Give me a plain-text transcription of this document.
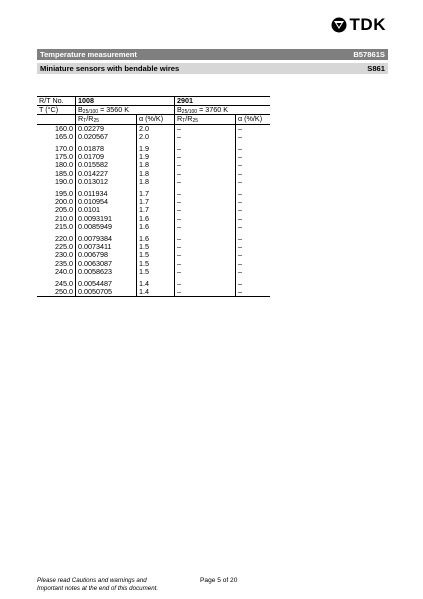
TDK
Temperature measurement	B57861S
Miniature sensors with bendable wires	S861
R/T No.	1008		2901	
T (°C)	$B_{25/100} = 3560$ K		$B_{25/100} = 3760$ K	
	$R_T/R_{25}$	α (%/K)	$R_T/R_{25}$	α (%/K)
160.0	0.02279	2.0	–	–
165.0	0.020567	2.0	–	–

170.0	0.01878	1.9	–	–
175.0	0.01709	1.9	–	–
180.0	0.015582	1.8	–	–
185.0	0.014227	1.8	–	–
190.0	0.013012	1.8	–	–

195.0	0.011934	1.7	–	–
200.0	0.010954	1.7	–	–
205.0	0.0101	1.7	–	–
210.0	0.0093191	1.6	–	–
215.0	0.0085949	1.6	–	–

220.0	0.0079384	1.6	–	–
225.0	0.0073411	1.5	–	–
230.0	0.006798	1.5	–	–
235.0	0.0063087	1.5	–	–
240.0	0.0058623	1.5	–	–

245.0	0.0054487	1.4	–	–
250.0	0.0050705	1.4	–	–
Please read Cautions and warnings and
Important notes at the end of this document.
Page 5 of 20
